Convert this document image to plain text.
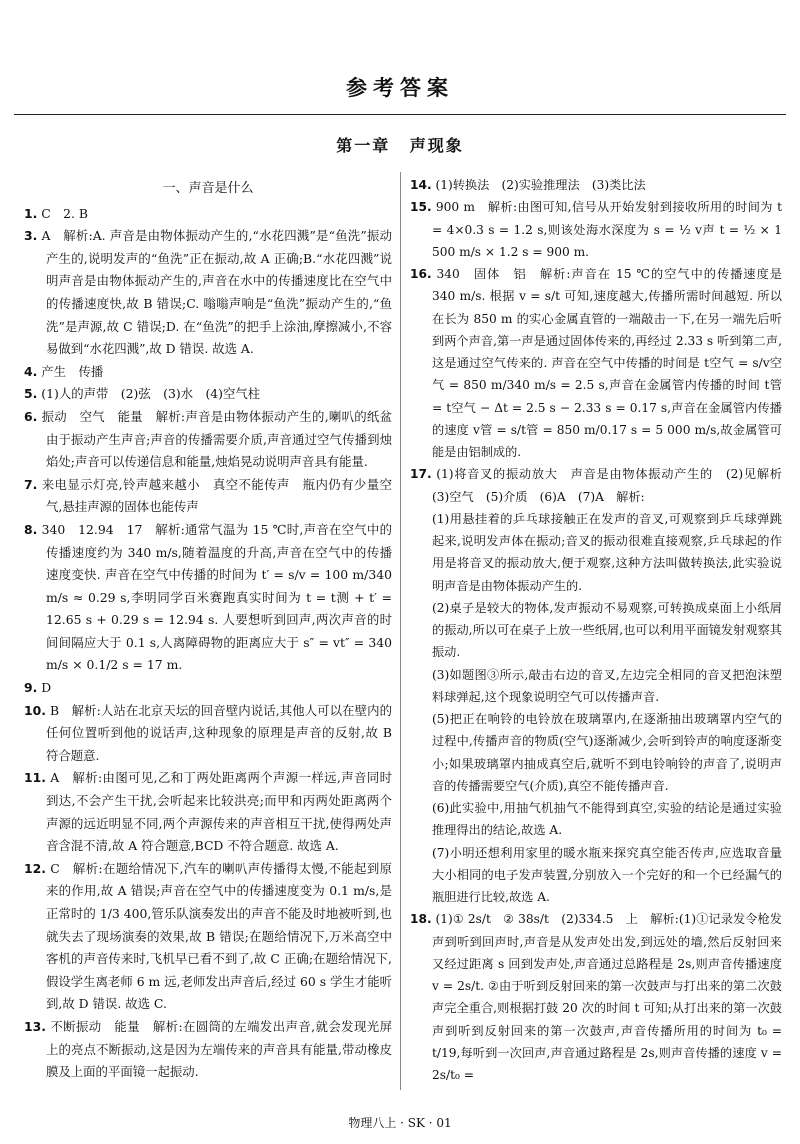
参考答案
第一章 声现象
一、声音是什么

1. C　2. B

3. A　解析:A. 声音是由物体振动产生的,“水花四溅”是“鱼洗”振动产生的,说明发声的“鱼洗”正在振动,故 A 正确;B.“水花四溅”说明声音是由物体振动产生的,声音在水中的传播速度比在空气中的传播速度快,故 B 错误;C. 嗡嗡声响是“鱼洗”振动产生的,“鱼洗”是声源,故 C 错误;D. 在“鱼洗”的把手上涂油,摩擦减小,不容易做到“水花四溅”,故 D 错误. 故选 A.

4. 产生　传播

5. (1)人的声带　(2)弦　(3)水　(4)空气柱

6. 振动　空气　能量　解析:声音是由物体振动产生的,喇叭的纸盆由于振动产生声音;声音的传播需要介质,声音通过空气传播到烛焰处;声音可以传递信息和能量,烛焰晃动说明声音具有能量.

7. 来电显示灯亮,铃声越来越小　真空不能传声　瓶内仍有少量空气,悬挂声源的固体也能传声

8. 340　12.94　17　解析:通常气温为 15 ℃时,声音在空气中的传播速度约为 340 m/s,随着温度的升高,声音在空气中的传播速度变快. 声音在空气中传播的时间为 t′ = s/v = 100 m/340 m/s ≈ 0.29 s,李明同学百米赛跑真实时间为 t = t测 + t′ = 12.65 s + 0.29 s = 12.94 s. 人要想听到回声,两次声音的时间间隔应大于 0.1 s,人离障碍物的距离应大于 s″ = vt″ = 340 m/s × 0.1/2 s = 17 m.

9. D

10. B　解析:人站在北京天坛的回音壁内说话,其他人可以在壁内的任何位置听到他的说话声,这种现象的原理是声音的反射,故 B 符合题意.

11. A　解析:由图可见,乙和丁两处距离两个声源一样远,声音同时到达,不会产生干扰,会听起来比较洪亮;而甲和丙两处距离两个声源的远近明显不同,两个声源传来的声音相互干扰,使得两处声音含混不清,故 A 符合题意,BCD 不符合题意. 故选 A.

12. C　解析:在题给情况下,汽车的喇叭声传播得太慢,不能起到原来的作用,故 A 错误;声音在空气中的传播速度变为 0.1 m/s,是正常时的 1/3 400,管乐队演奏发出的声音不能及时地被听到,也就失去了现场演奏的效果,故 B 错误;在题给情况下,万米高空中客机的声音传来时,飞机早已看不到了,故 C 正确;在题给情况下,假设学生离老师 6 m 远,老师发出声音后,经过 60 s 学生才能听到,故 D 错误. 故选 C.

13. 不断振动　能量　解析:在圆筒的左端发出声音,就会发现光屏上的亮点不断振动,这是因为左端传来的声音具有能量,带动橡皮膜及上面的平面镜一起振动.

14. (1)转换法　(2)实验推理法　(3)类比法

15. 900 m　解析:由图可知,信号从开始发射到接收所用的时间为 t = 4×0.3 s = 1.2 s,则该处海水深度为 s = ½ v声 t = ½ × 1 500 m/s × 1.2 s = 900 m.

16. 340　固体　铝　解析:声音在 15 ℃的空气中的传播速度是 340 m/s. 根据 v = s/t 可知,速度越大,传播所需时间越短. 所以在长为 850 m 的实心金属直管的一端敲击一下,在另一端先后听到两个声音,第一声是通过固体传来的,再经过 2.33 s 听到第二声,这是通过空气传来的. 声音在空气中传播的时间是 t空气 = s/v空气 = 850 m/340 m/s = 2.5 s,声音在金属管内传播的时间 t管 = t空气 − Δt = 2.5 s − 2.33 s = 0.17 s,声音在金属管内传播的速度 v管 = s/t管 = 850 m/0.17 s = 5 000 m/s,故金属管可能是由铝制成的.

17. (1)将音叉的振动放大　声音是由物体振动产生的　(2)见解析　(3)空气　(5)介质　(6)A　(7)A　解析:

(1)用悬挂着的乒乓球接触正在发声的音叉,可观察到乒乓球弹跳起来,说明发声体在振动;音叉的振动很难直接观察,乒乓球起的作用是将音叉的振动放大,便于观察,这种方法叫做转换法,此实验说明声音是由物体振动产生的.

(2)桌子是较大的物体,发声振动不易观察,可转换成桌面上小纸屑的振动,所以可在桌子上放一些纸屑,也可以利用平面镜发射观察其振动.

(3)如题图③所示,敲击右边的音叉,左边完全相同的音叉把泡沫塑料球弹起,这个现象说明空气可以传播声音.

(5)把正在响铃的电铃放在玻璃罩内,在逐渐抽出玻璃罩内空气的过程中,传播声音的物质(空气)逐渐减少,会听到铃声的响度逐渐变小;如果玻璃罩内抽成真空后,就听不到电铃响铃的声音了,说明声音的传播需要空气(介质),真空不能传播声音.

(6)此实验中,用抽气机抽气不能得到真空,实验的结论是通过实验推理得出的结论,故选 A.

(7)小明还想利用家里的暖水瓶来探究真空能否传声,应选取音量大小相同的电子发声装置,分别放入一个完好的和一个已经漏气的瓶胆进行比较,故选 A.

18. (1)① 2s/t　② 38s/t　(2)334.5　上　解析:(1)①记录发令枪发声到听到回声时,声音是从发声处出发,到远处的墙,然后反射回来又经过距离 s 回到发声处,声音通过总路程是 2s,则声音传播速度 v = 2s/t. ②由于听到反射回来的第一次鼓声与打出来的第二次鼓声完全重合,则根据打鼓 20 次的时间 t 可知;从打出来的第一次鼓声到听到反射回来的第一次鼓声,声音传播所用的时间为 t₀ = t/19,每听到一次回声,声音通过路程是 2s,则声音传播的速度 v = 2s/t₀ =

物理八上 · SK · 01
